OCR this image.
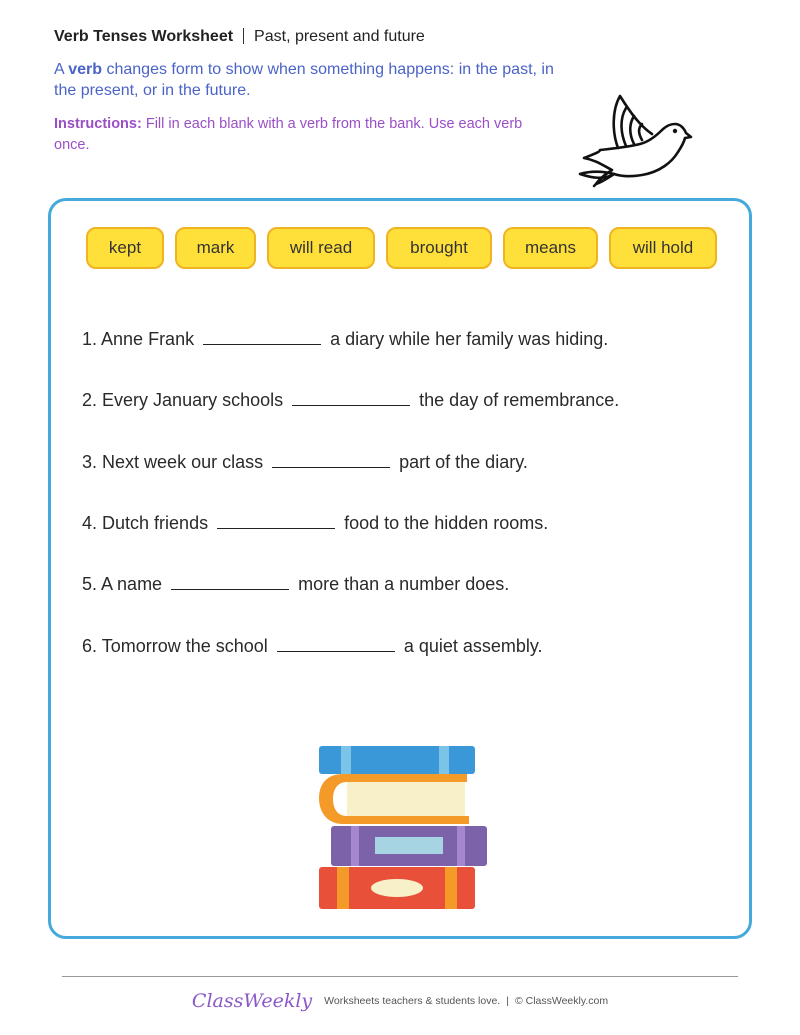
Verb Tenses Worksheet Past, present and future
A verb changes form to show when something happens: in the past, in the present, or in the future.
Instructions: Fill in each blank with a verb from the bank. Use each verb once.
kept	mark	will read	brought	means	will hold
1. Anne Frank	a diary while her family was hiding.
2. Every January schools	the day of remembrance.
3. Next week our class	part of the diary.
4. Dutch friends	food to the hidden rooms.
5. A name	more than a number does.
6. Tomorrow the school	a quiet assembly.
ClassWeekly Worksheets teachers & students love. | © ClassWeekly.com
